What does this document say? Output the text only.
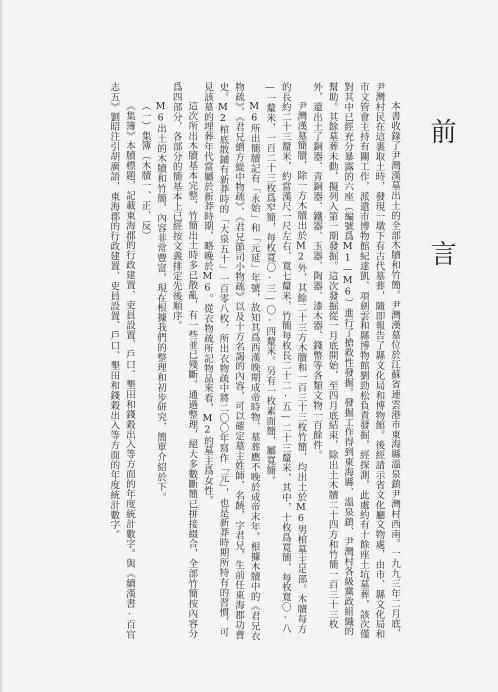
前言

本書收錄了尹灣漢墓出土的全部木牘和竹簡。尹灣漢墓位於江蘇省連雲港市東海縣溫泉鎮尹灣村西南。一九九三年二月底，尹灣村民在這裏取土時，發現一墩下有古代墓葬，隨即報告了縣文化局和博物館。後經請示省文化廳文物處，由市、縣文化局和市文管會主持有關工作，派遣市博物館紀達凱、項劍雲和縣博物館劉勁松負責發掘，經探測，此處約有十餘座土坑墓葬，該次僅對其中已經充分暴露的六座（編號爲M1—M6）進行了搶救性發掘。發掘工作得到東海縣、溫泉鎮、尹灣村各級黨政組織的幫助。其餘墓葬未動，擬列入第一期發掘。這次發掘從一月底開始，至四月底結束，除出土木牘二十四方和竹簡一百三十三枚外，還出土了銅器、青銅器、鐵器、玉器、陶器、漆木器、錢幣等各類文物一百餘件。

尹灣漢墓簡牘，除一方木牘出於M2外，其餘二十三方木牘和一百三十三枚竹簡，均出土於M6男棺墓主足部。木牘每方的長約二十三釐米，約當漢尺一尺左右，寬七釐米，竹簡每枚長二十二·五—二十三釐米，其中，十枚爲寬簡，每枚寬〇·八—一釐米，一百二十三枚爲窄簡，每枚寬〇·三—〇·四釐米。另有一枚素面簡，屬寬簡。

M6所出簡牘記有「永始」和「元延」年號，故知其爲西漢晚期成帝時物，墓葬應不晚於成帝末年。根據木牘中的《君兄衣物疏》、《君兄繒方緹中物疏》、《君兄節司小物疏》以及十方名謁的內容，可以確定墓主姓師，名饒，字君兄，生前任東海郡功曹史。M2棺底散鋪有新莽時的「大泉五十」一百零八枚，所出衣物疏中將二〇〇年寫作「元」，也是新莽時期所特有的習慣，可見該墓的埋葬年代當屬於新莽時期，略晚於M6。從衣物疏所記物品來看，M2的墓主爲女性。

這次所出木牘基本完整，竹簡出土時多已散亂，有一些並已殘斷。通過整理，絕大多數斷簡已拼接綴合，全部竹簡按內容分爲四部分，各部分的簡基本上已經按文義排定先後順序。

M6出土的木牘和竹簡，內容非常豐富，現在根據我們的整理和初步研究，簡單介紹於下。

（一）集簿（木牘一、正、反）

《集簿》本牘標題，記載東海郡的行政建置、吏員設置、戶口、墾田和錢穀出入等方面的年度統計數字。與《續漢書·百官志五》劉昭注引胡廣語，東海郡的行政建置、吏員設置、戶口、墾田和錢穀出入等方面的年度統計數字。
